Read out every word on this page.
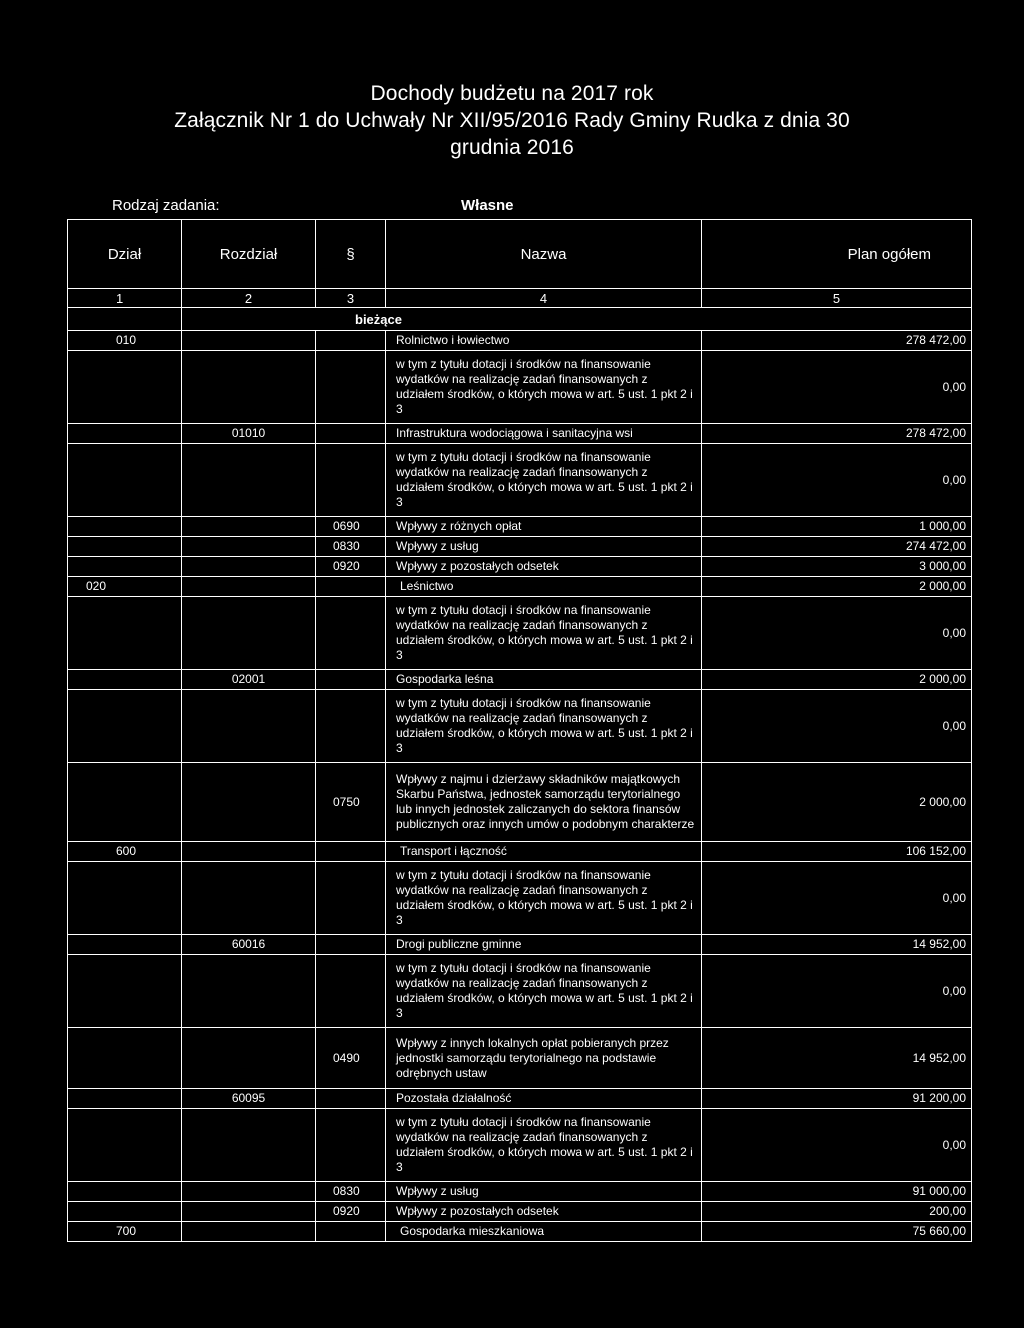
Dochody budżetu na 2017 rok
Załącznik Nr 1 do Uchwały Nr XII/95/2016 Rady Gminy Rudka z dnia 30
grudnia 2016
Rodzaj zadania:	Własne
Dział	Rozdział	§	Nazwa	Plan ogółem
1	2	3	4	5
	bieżące			
010			Rolnictwo i łowiectwo	278 472,00
			w tym z tytułu dotacji i środków na finansowanie wydatków na realizację zadań finansowanych z udziałem środków, o których mowa w art. 5 ust. 1 pkt 2 i 3	0,00
	01010		Infrastruktura wodociągowa i sanitacyjna wsi	278 472,00
			w tym z tytułu dotacji i środków na finansowanie wydatków na realizację zadań finansowanych z udziałem środków, o których mowa w art. 5 ust. 1 pkt 2 i 3	0,00
		0690	Wpływy z różnych opłat	1 000,00
		0830	Wpływy z usług	274 472,00
		0920	Wpływy z pozostałych odsetek	3 000,00
020			Leśnictwo	2 000,00
			w tym z tytułu dotacji i środków na finansowanie wydatków na realizację zadań finansowanych z udziałem środków, o których mowa w art. 5 ust. 1 pkt 2 i 3	0,00
	02001		Gospodarka leśna	2 000,00
			w tym z tytułu dotacji i środków na finansowanie wydatków na realizację zadań finansowanych z udziałem środków, o których mowa w art. 5 ust. 1 pkt 2 i 3	0,00
		0750	Wpływy z najmu i dzierżawy składników majątkowych Skarbu Państwa, jednostek samorządu terytorialnego lub innych jednostek zaliczanych do sektora finansów publicznych oraz innych umów o podobnym charakterze	2 000,00
600			Transport i łączność	106 152,00
			w tym z tytułu dotacji i środków na finansowanie wydatków na realizację zadań finansowanych z udziałem środków, o których mowa w art. 5 ust. 1 pkt 2 i 3	0,00
	60016		Drogi publiczne gminne	14 952,00
			w tym z tytułu dotacji i środków na finansowanie wydatków na realizację zadań finansowanych z udziałem środków, o których mowa w art. 5 ust. 1 pkt 2 i 3	0,00
		0490	Wpływy z innych lokalnych opłat pobieranych przez jednostki samorządu terytorialnego na podstawie odrębnych ustaw	14 952,00
	60095		Pozostała działalność	91 200,00
			w tym z tytułu dotacji i środków na finansowanie wydatków na realizację zadań finansowanych z udziałem środków, o których mowa w art. 5 ust. 1 pkt 2 i 3	0,00
		0830	Wpływy z usług	91 000,00
		0920	Wpływy z pozostałych odsetek	200,00
700			Gospodarka mieszkaniowa	75 660,00
